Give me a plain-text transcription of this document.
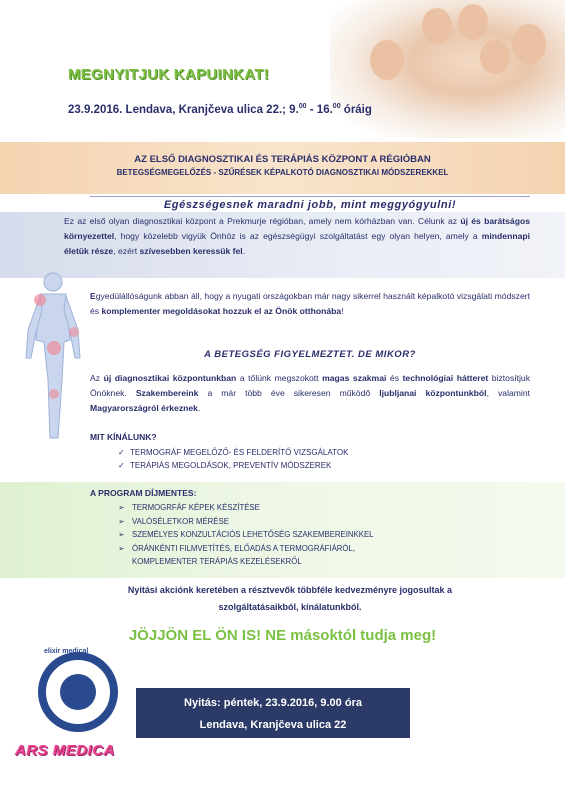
MEGNYITJUK KAPUINKAT!
23.9.2016. Lendava, Kranjčeva ulica 22.; 9.00 - 16.00 óráig
AZ ELSŐ DIAGNOSZTIKAI ÉS TERÁPIÁS KÖZPONT A RÉGIÓBAN
BETEGSÉGMEGELŐZÉS - SZŰRÉSEK KÉPALKOTÓ DIAGNOSZTIKAI MÓDSZEREKKEL
Egészségesnek maradni jobb, mint meggyógyulni!
Ez az első olyan diagnosztikai központ a Prekmurje régióban, amely nem kórházban van. Célunk az új és barátságos környezettel, hogy közelebb vigyük Önhöz is az egészségügyi szolgáltatást egy olyan helyen, amely a mindennapi életük része, ezért szívesebben keressük fel.
Egyedülállóságunk abban áll, hogy a nyugati országokban már nagy sikerrel használt képalkotó vizsgálati módszert és komplementer megoldásokat hozzuk el az Önök otthonába!
A BETEGSÉG FIGYELMEZTET. DE MIKOR?
Az új diagnosztikai központunkban a tőlünk megszokott magas szakmai és technológiai hátteret biztosítjuk Önöknek. Szakembereink a már több éve sikeresen működő ljubljanai központunkból, valamint Magyarországról érkeznek.
MIT KÍNÁLUNK?
✓ TERMOGRÁF MEGELŐZŐ- ÉS FELDERÍTŐ VIZSGÁLATOK
✓ TERÁPIÁS MEGOLDÁSOK, PREVENTÍV MÓDSZEREK
A PROGRAM DÍJMENTES:
➢ TERMOGRFÁF KÉPEK KÉSZÍTÉSE
➢ VALÓSÉLETKOR MÉRÉSE
➢ SZEMÉLYES KONZULTÁCIÓS LEHETŐSÉG SZAKEMBEREINKKEL
➢ ÓRÁNKÉNTI FILMVETÍTÉS, ELŐADÁS A TERMOGRÁFIÁRÓL,
KOMPLEMENTER TERÁPIÁS KEZELÉSEKRŐL
Nyitási akciónk keretében a résztvevők többféle kedvezményre jogosultak a
szolgáltatásaikból, kínálatunkból.
JÖJJÖN EL ÖN IS! NE másoktól tudja meg!
elixir medical
Nyitás: péntek, 23.9.2016, 9.00 óra
Lendava, Kranjčeva ulica 22
ARS MEDICA
